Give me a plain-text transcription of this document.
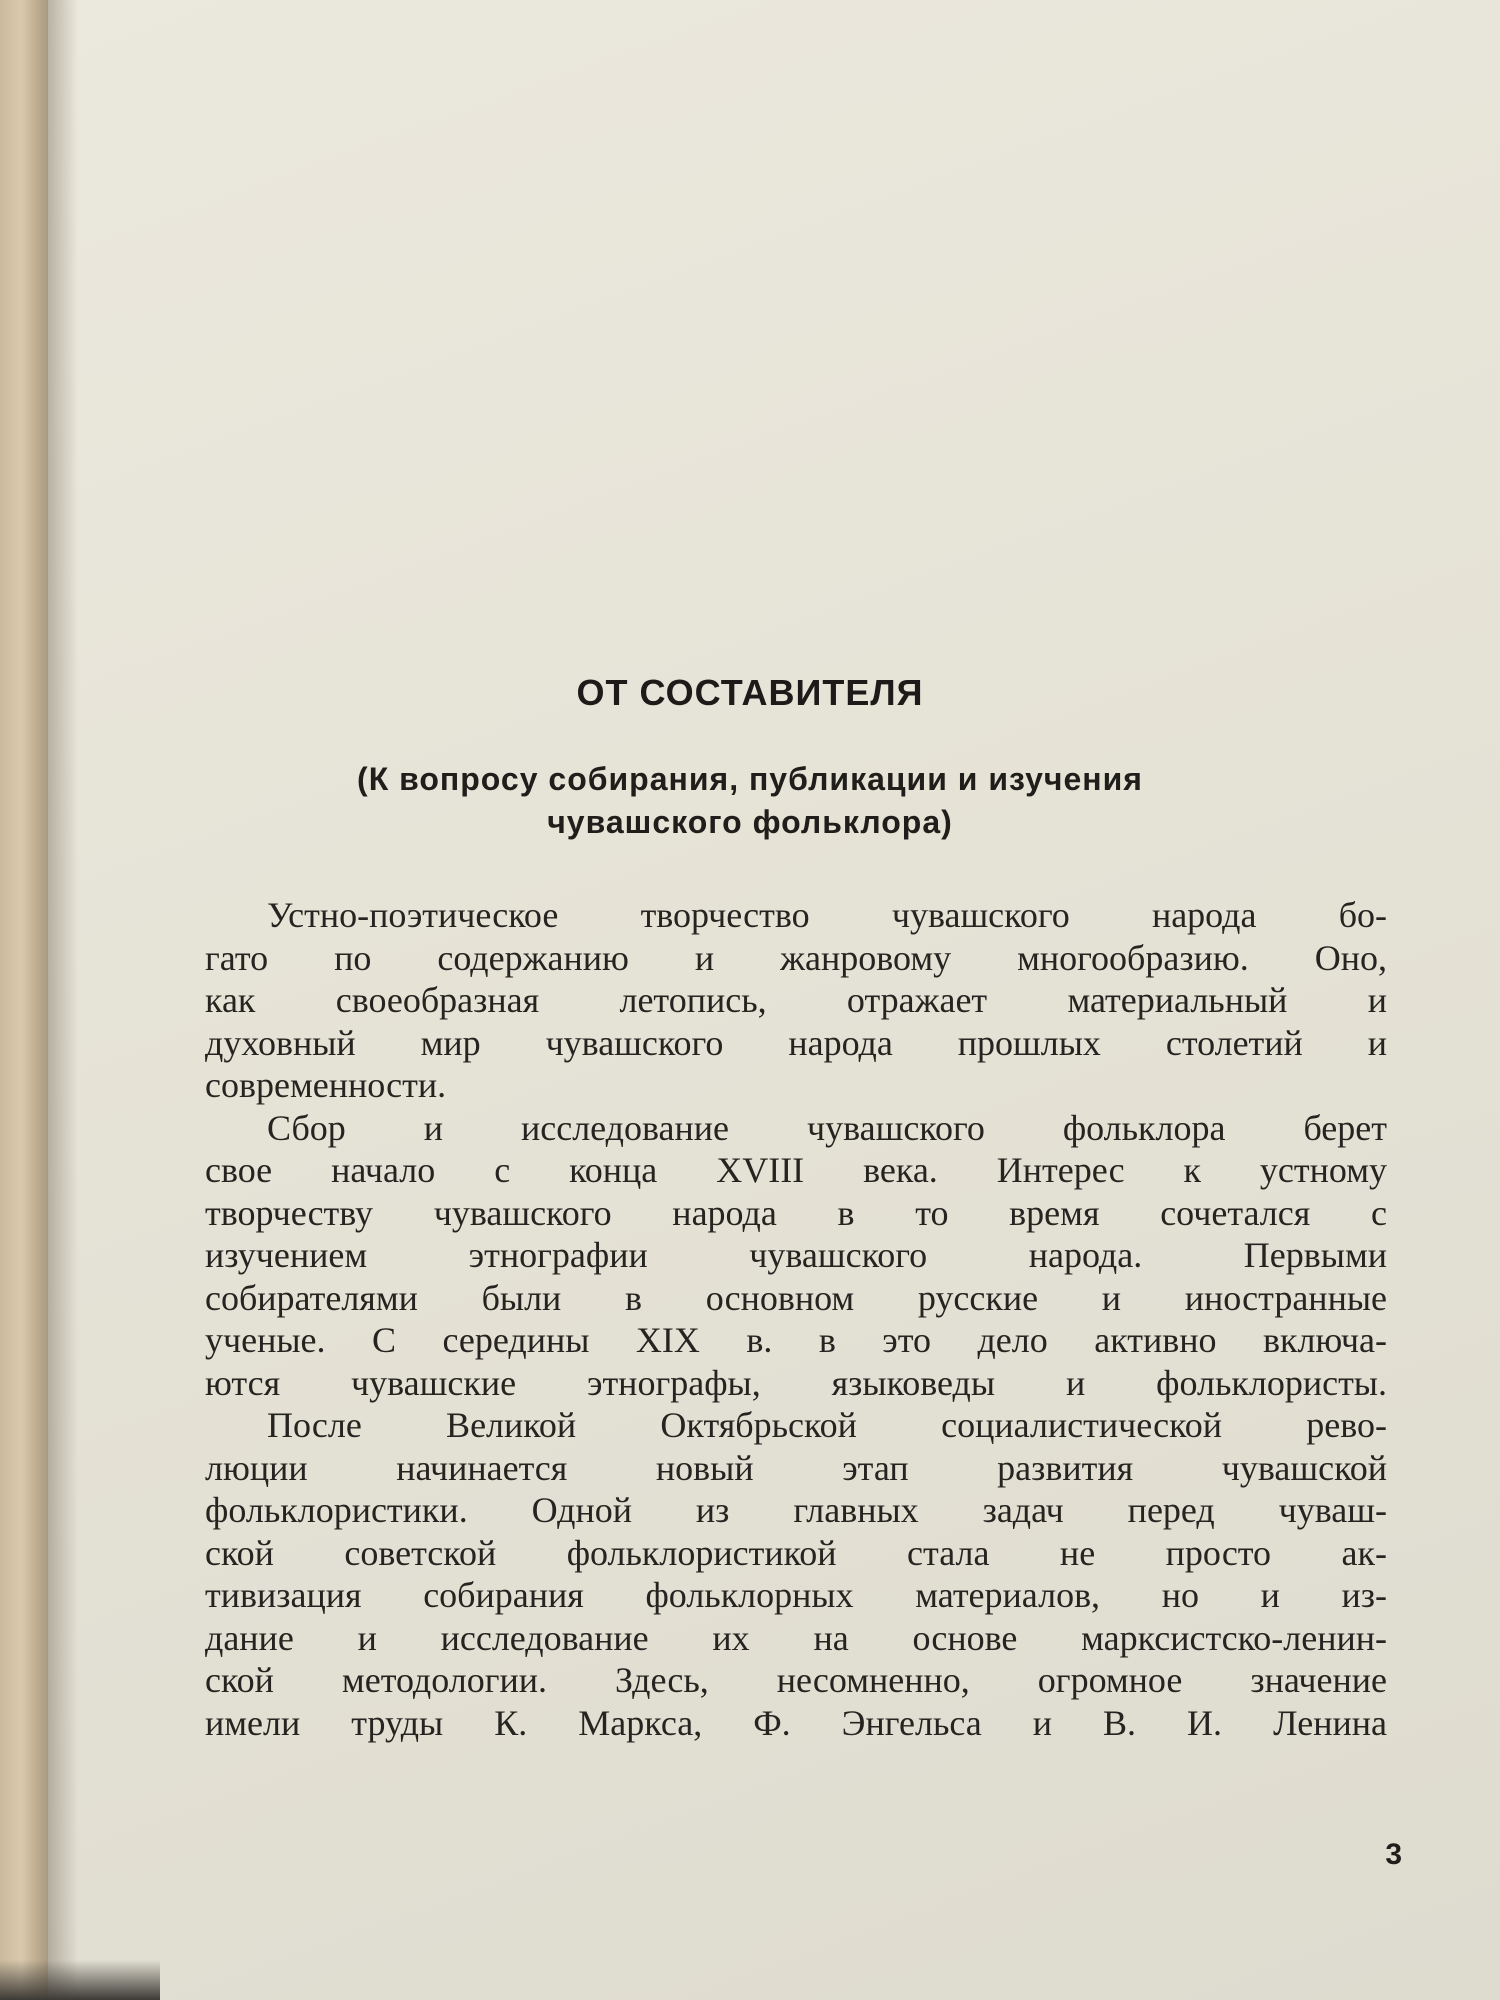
ОТ СОСТАВИТЕЛЯ
(К вопросу собирания, публикации и изучения
чувашского фольклора)
Устно-поэтическое творчество чувашского народа бо-
гато по содержанию и жанровому многообразию. Оно,
как своеобразная летопись, отражает материальный и
духовный мир чувашского народа прошлых столетий и
современности.
Сбор и исследование чувашского фольклора берет
свое начало с конца XVIII века. Интерес к устному
творчеству чувашского народа в то время сочетался с
изучением этнографии чувашского народа. Первыми
собирателями были в основном русские и иностранные
ученые. С середины XIX в. в это дело активно включа-
ются чувашские этнографы, языковеды и фольклористы.
После Великой Октябрьской социалистической рево-
люции начинается новый этап развития чувашской
фольклористики. Одной из главных задач перед чуваш-
ской советской фольклористикой стала не просто ак-
тивизация собирания фольклорных материалов, но и из-
дание и исследование их на основе марксистско-ленин-
ской методологии. Здесь, несомненно, огромное значение
имели труды К. Маркса, Ф. Энгельса и В. И. Ленина
3
